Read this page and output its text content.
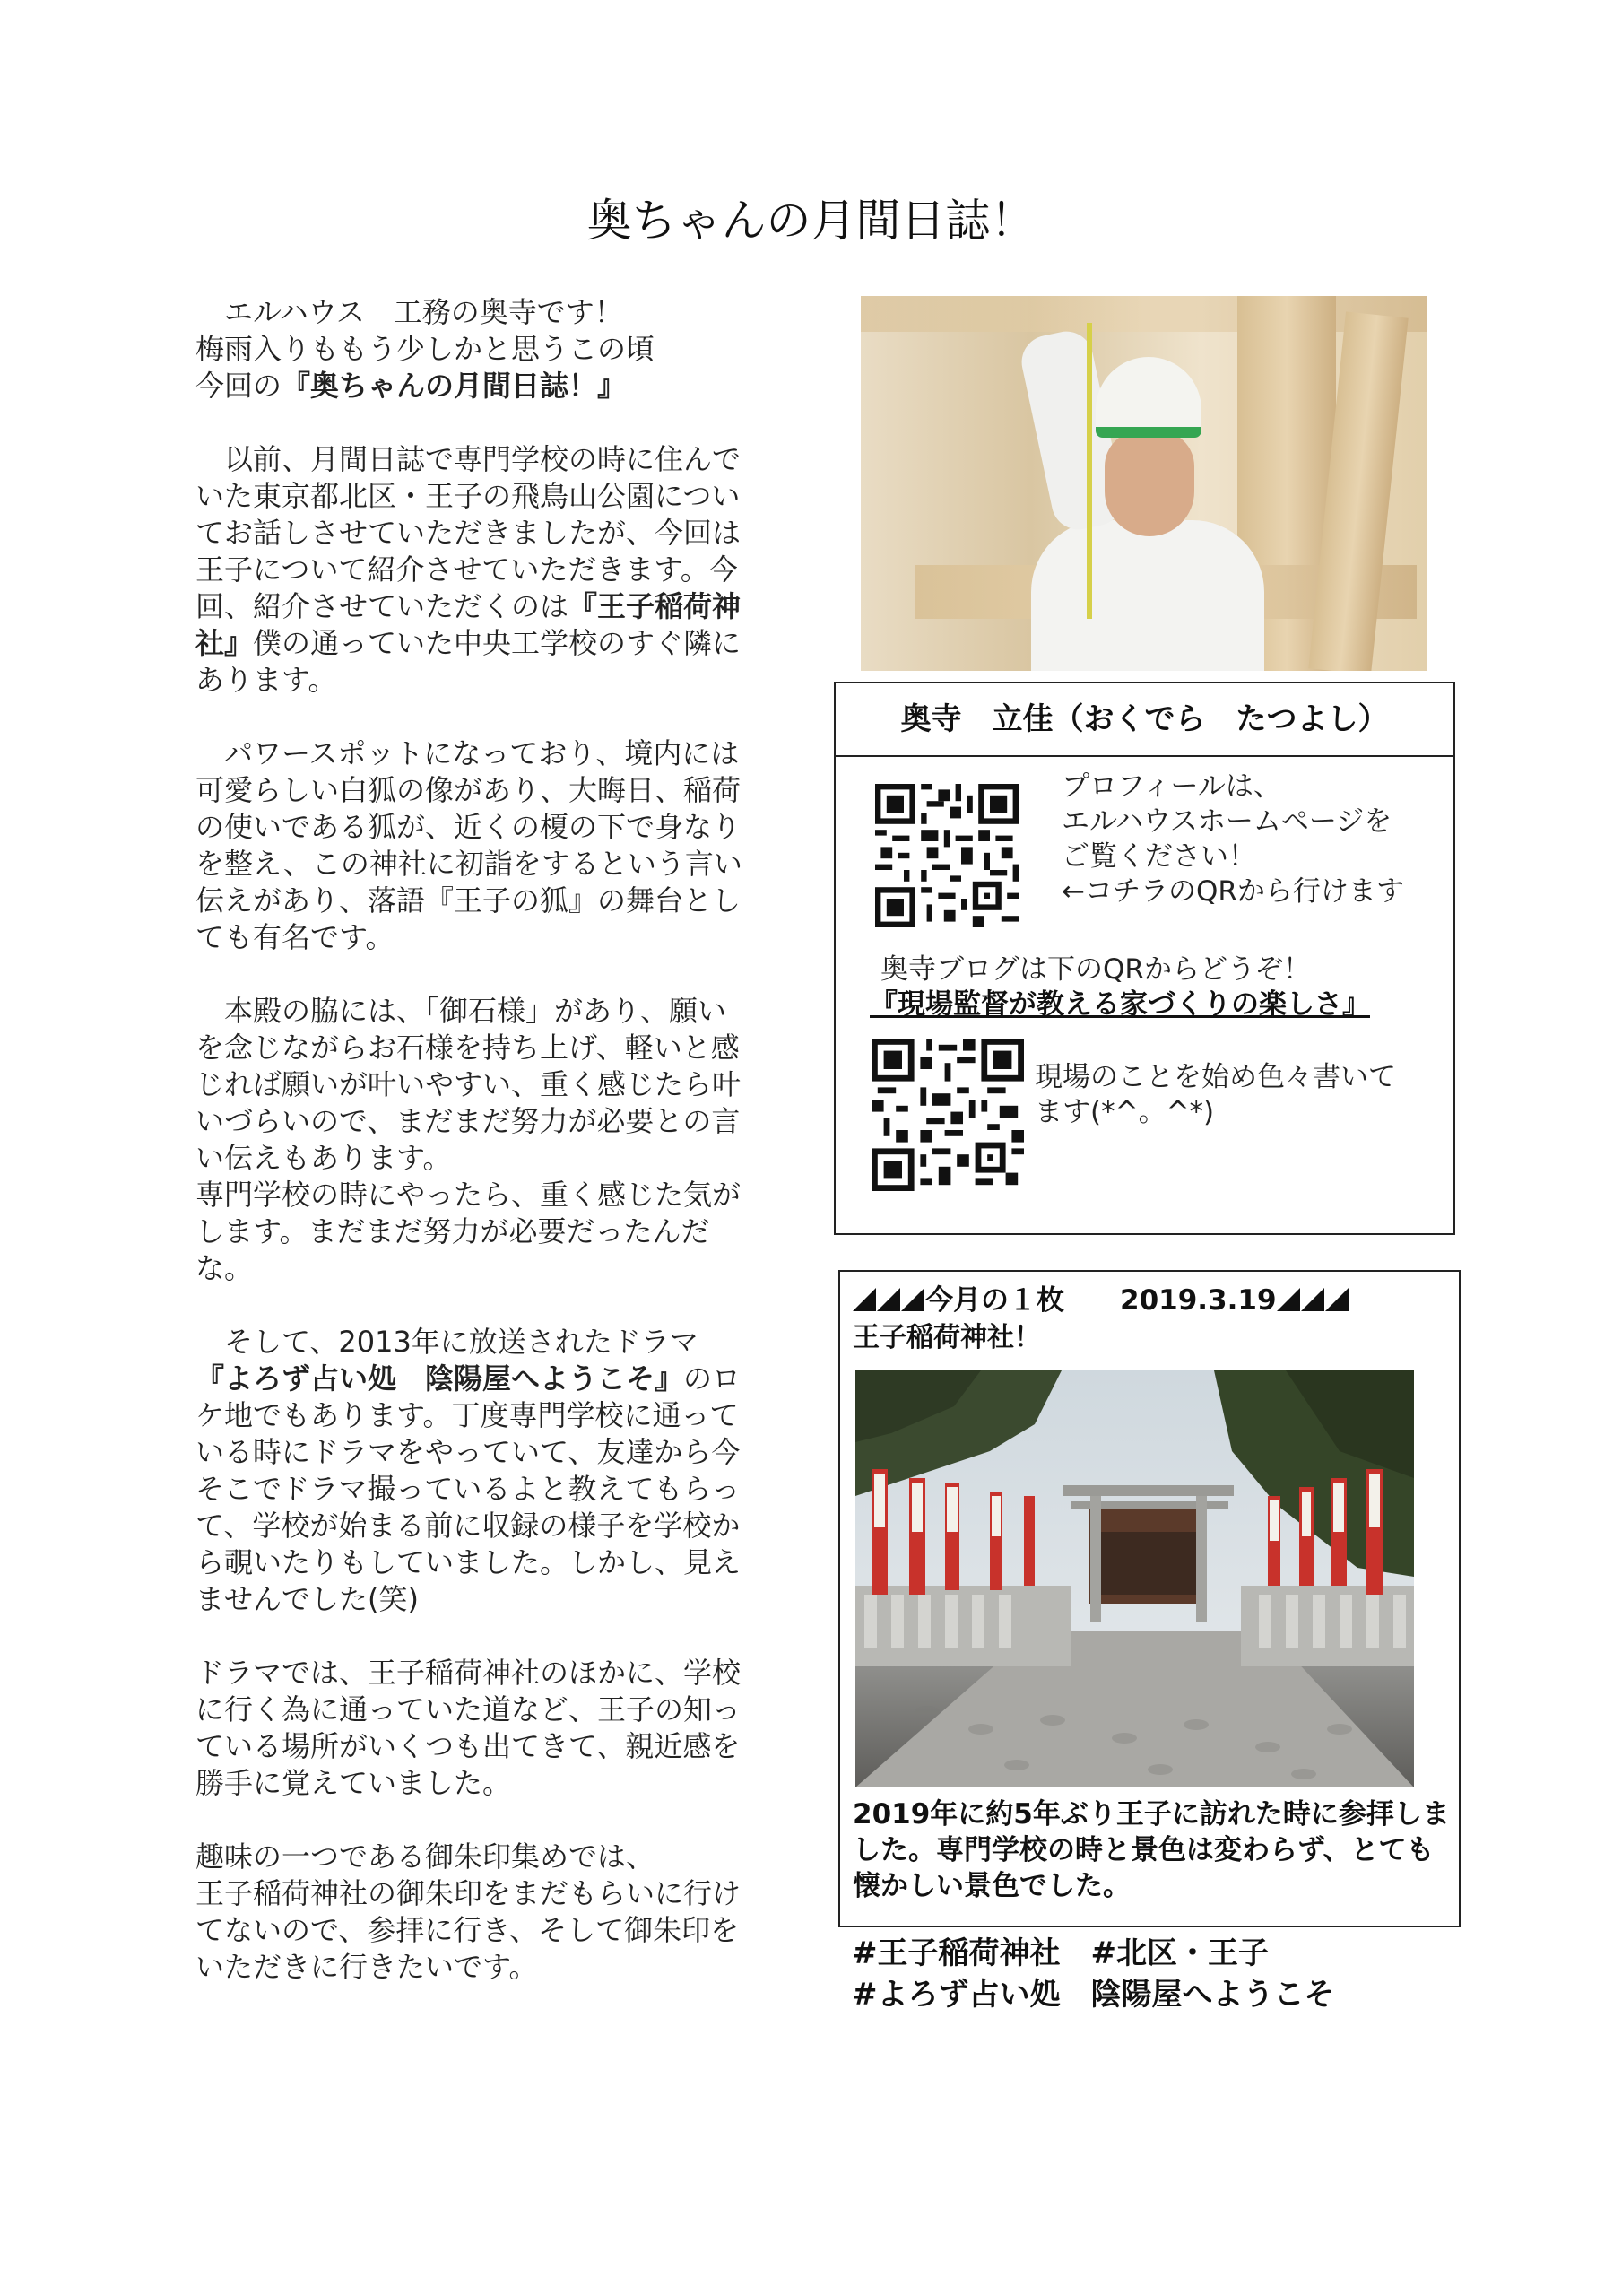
奥ちゃんの月間日誌！

　エルハウス　工務の奥寺です！

梅雨入りももう少しかと思うこの頃

今回の『奥ちゃんの月間日誌！』

　以前、月間日誌で専門学校の時に住んでいた東京都北区・王子の飛鳥山公園についてお話しさせていただきましたが、今回は王子について紹介させていただきます。今回、紹介させていただくのは『王子稲荷神社』僕の通っていた中央工学校のすぐ隣にあります。

　パワースポットになっており、境内には可愛らしい白狐の像があり、大晦日、稲荷の使いである狐が、近くの榎の下で身なりを整え、この神社に初詣をするという言い伝えがあり、落語『王子の狐』の舞台としても有名です。

　本殿の脇には、「御石様」があり、願いを念じながらお石様を持ち上げ、軽いと感じれば願いが叶いやすい、重く感じたら叶いづらいので、まだまだ努力が必要との言い伝えもあります。
専門学校の時にやったら、重く感じた気がします。まだまだ努力が必要だったんだな。

　そして、2013年に放送されたドラマ『よろず占い処　陰陽屋へようこそ』のロケ地でもあります。丁度専門学校に通っている時にドラマをやっていて、友達から今そこでドラマ撮っているよと教えてもらって、学校が始まる前に収録の様子を学校から覗いたりもしていました。しかし、見えませんでした(笑)

ドラマでは、王子稲荷神社のほかに、学校に行く為に通っていた道など、王子の知っている場所がいくつも出てきて、親近感を勝手に覚えていました。

趣味の一つである御朱印集めでは、
王子稲荷神社の御朱印をまだもらいに行けてないので、参拝に行き、そして御朱印をいただきに行きたいです。

奥寺　立佳（おくでら　たつよし）
プロフィールは、
エルハウスホームページを
ご覧ください！
←コチラのQRから行けます
奥寺ブログは下のQRからどうぞ！
『現場監督が教える家づくりの楽しさ』
現場のことを始め色々書いて
ます(*^。^*)
今月の１枚　　 2019.3.19
王子稲荷神社！
2019年に約5年ぶり王子に訪れた時に参拝しました。専門学校の時と景色は変わらず、とても懐かしい景色でした。
#王子稲荷神社　#北区・王子
#よろず占い処　陰陽屋へようこそ
